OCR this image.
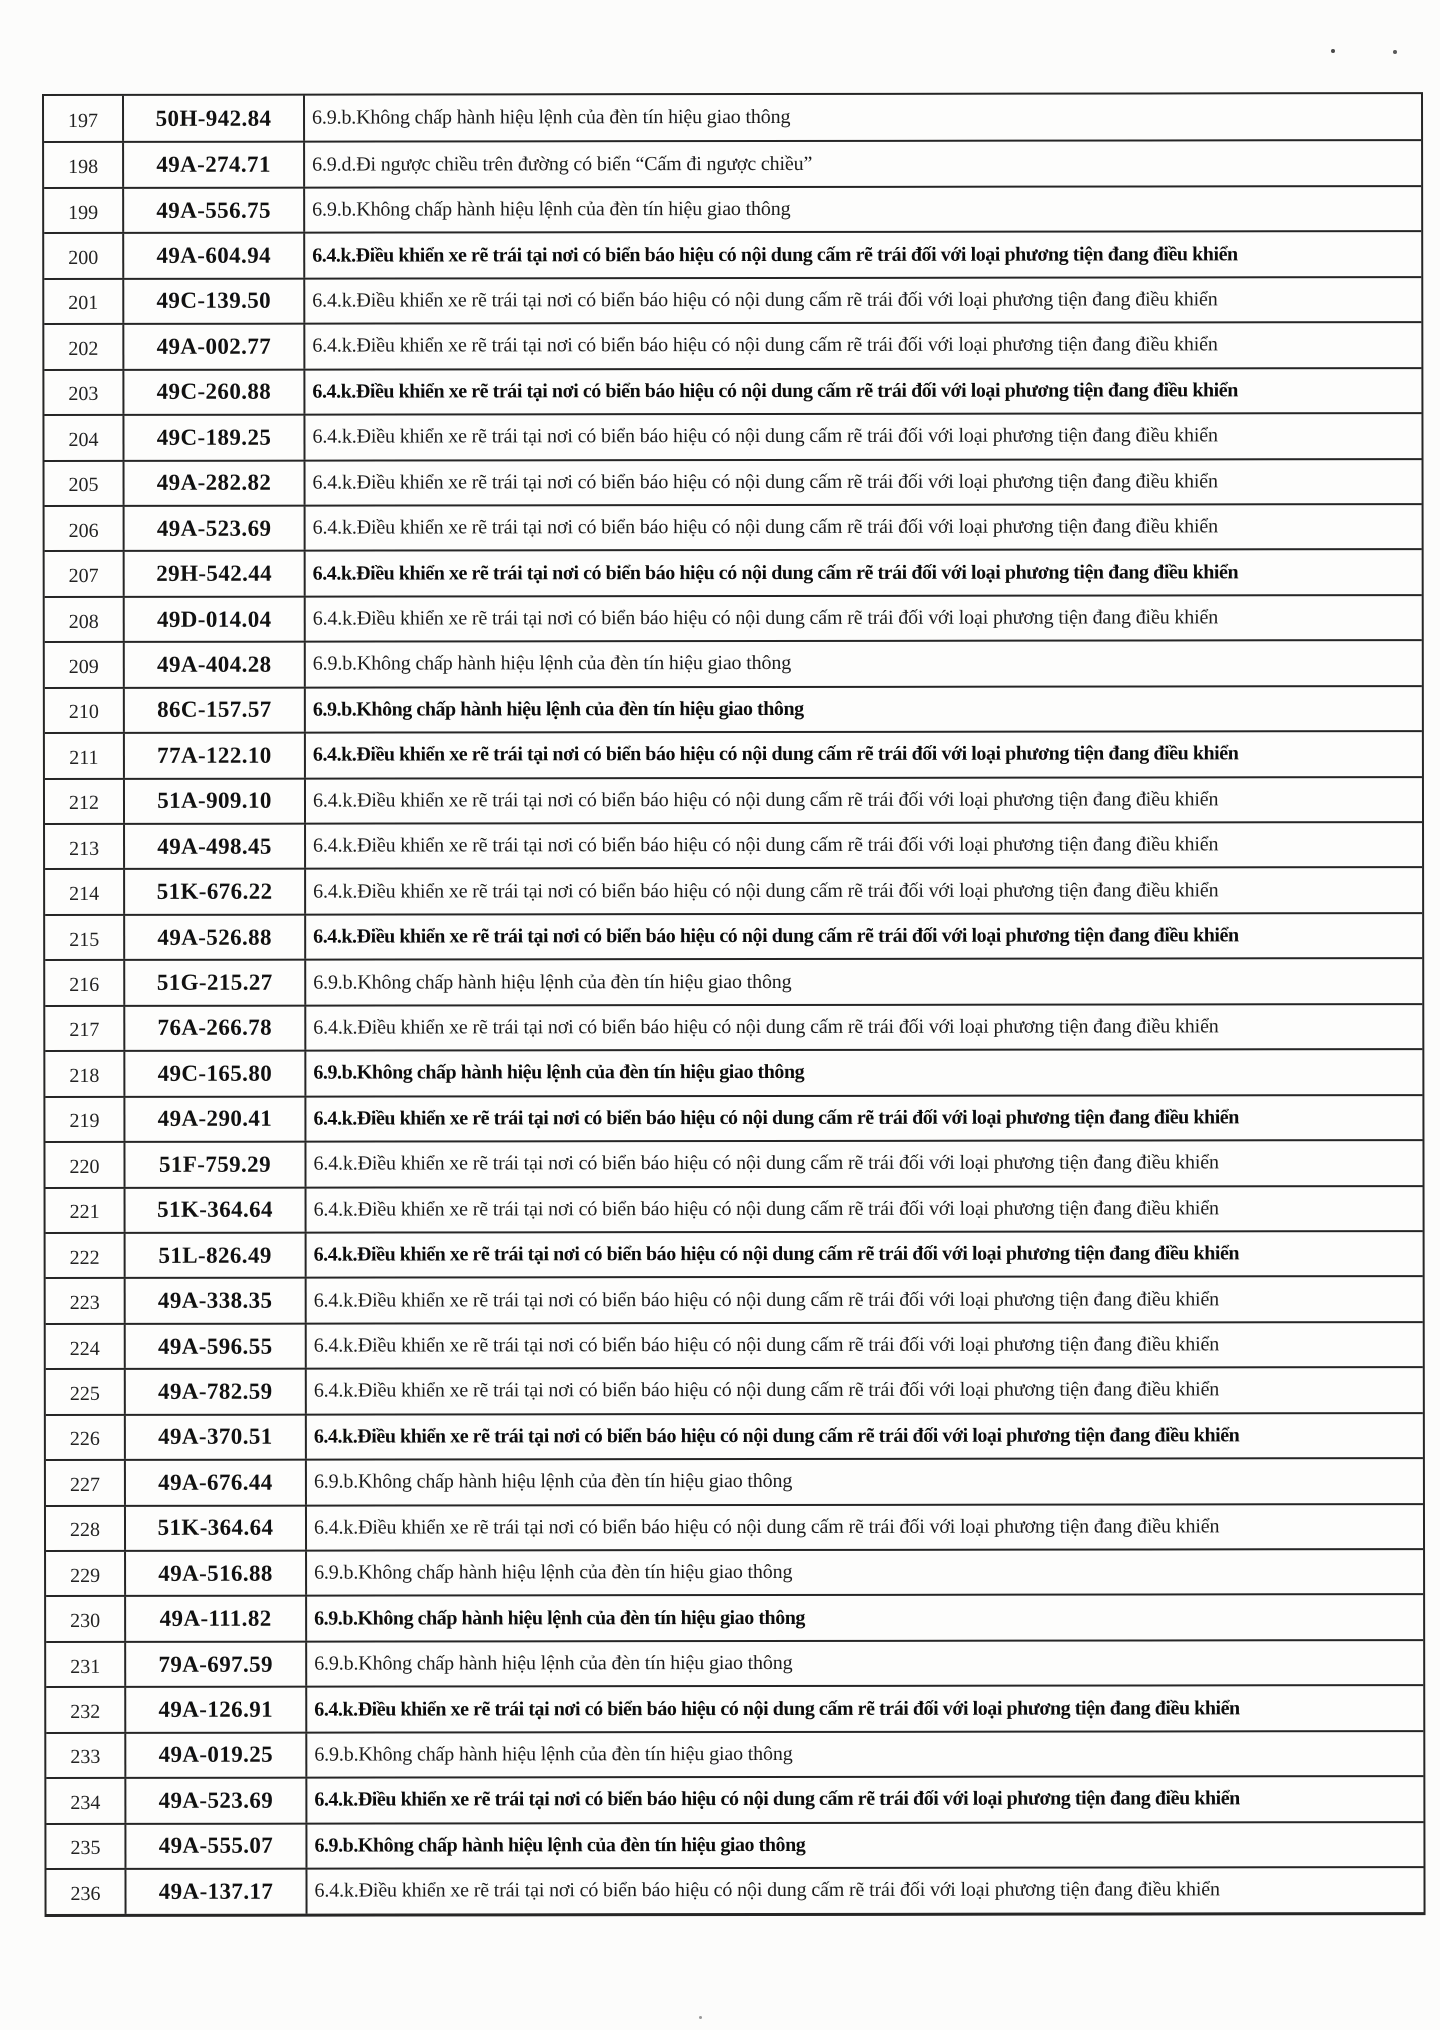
197	50H-942.84	6.9.b.Không chấp hành hiệu lệnh của đèn tín hiệu giao thông
198	49A-274.71	6.9.d.Đi ngược chiều trên đường có biển “Cấm đi ngược chiều”
199	49A-556.75	6.9.b.Không chấp hành hiệu lệnh của đèn tín hiệu giao thông
200	49A-604.94	6.4.k.Điều khiển xe rẽ trái tại nơi có biển báo hiệu có nội dung cấm rẽ trái đối với loại phương tiện đang điều khiển
201	49C-139.50	6.4.k.Điều khiển xe rẽ trái tại nơi có biển báo hiệu có nội dung cấm rẽ trái đối với loại phương tiện đang điều khiển
202	49A-002.77	6.4.k.Điều khiển xe rẽ trái tại nơi có biển báo hiệu có nội dung cấm rẽ trái đối với loại phương tiện đang điều khiển
203	49C-260.88	6.4.k.Điều khiển xe rẽ trái tại nơi có biển báo hiệu có nội dung cấm rẽ trái đối với loại phương tiện đang điều khiển
204	49C-189.25	6.4.k.Điều khiển xe rẽ trái tại nơi có biển báo hiệu có nội dung cấm rẽ trái đối với loại phương tiện đang điều khiển
205	49A-282.82	6.4.k.Điều khiển xe rẽ trái tại nơi có biển báo hiệu có nội dung cấm rẽ trái đối với loại phương tiện đang điều khiển
206	49A-523.69	6.4.k.Điều khiển xe rẽ trái tại nơi có biển báo hiệu có nội dung cấm rẽ trái đối với loại phương tiện đang điều khiển
207	29H-542.44	6.4.k.Điều khiển xe rẽ trái tại nơi có biển báo hiệu có nội dung cấm rẽ trái đối với loại phương tiện đang điều khiển
208	49D-014.04	6.4.k.Điều khiển xe rẽ trái tại nơi có biển báo hiệu có nội dung cấm rẽ trái đối với loại phương tiện đang điều khiển
209	49A-404.28	6.9.b.Không chấp hành hiệu lệnh của đèn tín hiệu giao thông
210	86C-157.57	6.9.b.Không chấp hành hiệu lệnh của đèn tín hiệu giao thông
211	77A-122.10	6.4.k.Điều khiển xe rẽ trái tại nơi có biển báo hiệu có nội dung cấm rẽ trái đối với loại phương tiện đang điều khiển
212	51A-909.10	6.4.k.Điều khiển xe rẽ trái tại nơi có biển báo hiệu có nội dung cấm rẽ trái đối với loại phương tiện đang điều khiển
213	49A-498.45	6.4.k.Điều khiển xe rẽ trái tại nơi có biển báo hiệu có nội dung cấm rẽ trái đối với loại phương tiện đang điều khiển
214	51K-676.22	6.4.k.Điều khiển xe rẽ trái tại nơi có biển báo hiệu có nội dung cấm rẽ trái đối với loại phương tiện đang điều khiển
215	49A-526.88	6.4.k.Điều khiển xe rẽ trái tại nơi có biển báo hiệu có nội dung cấm rẽ trái đối với loại phương tiện đang điều khiển
216	51G-215.27	6.9.b.Không chấp hành hiệu lệnh của đèn tín hiệu giao thông
217	76A-266.78	6.4.k.Điều khiển xe rẽ trái tại nơi có biển báo hiệu có nội dung cấm rẽ trái đối với loại phương tiện đang điều khiển
218	49C-165.80	6.9.b.Không chấp hành hiệu lệnh của đèn tín hiệu giao thông
219	49A-290.41	6.4.k.Điều khiển xe rẽ trái tại nơi có biển báo hiệu có nội dung cấm rẽ trái đối với loại phương tiện đang điều khiển
220	51F-759.29	6.4.k.Điều khiển xe rẽ trái tại nơi có biển báo hiệu có nội dung cấm rẽ trái đối với loại phương tiện đang điều khiển
221	51K-364.64	6.4.k.Điều khiển xe rẽ trái tại nơi có biển báo hiệu có nội dung cấm rẽ trái đối với loại phương tiện đang điều khiển
222	51L-826.49	6.4.k.Điều khiển xe rẽ trái tại nơi có biển báo hiệu có nội dung cấm rẽ trái đối với loại phương tiện đang điều khiển
223	49A-338.35	6.4.k.Điều khiển xe rẽ trái tại nơi có biển báo hiệu có nội dung cấm rẽ trái đối với loại phương tiện đang điều khiển
224	49A-596.55	6.4.k.Điều khiển xe rẽ trái tại nơi có biển báo hiệu có nội dung cấm rẽ trái đối với loại phương tiện đang điều khiển
225	49A-782.59	6.4.k.Điều khiển xe rẽ trái tại nơi có biển báo hiệu có nội dung cấm rẽ trái đối với loại phương tiện đang điều khiển
226	49A-370.51	6.4.k.Điều khiển xe rẽ trái tại nơi có biển báo hiệu có nội dung cấm rẽ trái đối với loại phương tiện đang điều khiển
227	49A-676.44	6.9.b.Không chấp hành hiệu lệnh của đèn tín hiệu giao thông
228	51K-364.64	6.4.k.Điều khiển xe rẽ trái tại nơi có biển báo hiệu có nội dung cấm rẽ trái đối với loại phương tiện đang điều khiển
229	49A-516.88	6.9.b.Không chấp hành hiệu lệnh của đèn tín hiệu giao thông
230	49A-111.82	6.9.b.Không chấp hành hiệu lệnh của đèn tín hiệu giao thông
231	79A-697.59	6.9.b.Không chấp hành hiệu lệnh của đèn tín hiệu giao thông
232	49A-126.91	6.4.k.Điều khiển xe rẽ trái tại nơi có biển báo hiệu có nội dung cấm rẽ trái đối với loại phương tiện đang điều khiển
233	49A-019.25	6.9.b.Không chấp hành hiệu lệnh của đèn tín hiệu giao thông
234	49A-523.69	6.4.k.Điều khiển xe rẽ trái tại nơi có biển báo hiệu có nội dung cấm rẽ trái đối với loại phương tiện đang điều khiển
235	49A-555.07	6.9.b.Không chấp hành hiệu lệnh của đèn tín hiệu giao thông
236	49A-137.17	6.4.k.Điều khiển xe rẽ trái tại nơi có biển báo hiệu có nội dung cấm rẽ trái đối với loại phương tiện đang điều khiển
